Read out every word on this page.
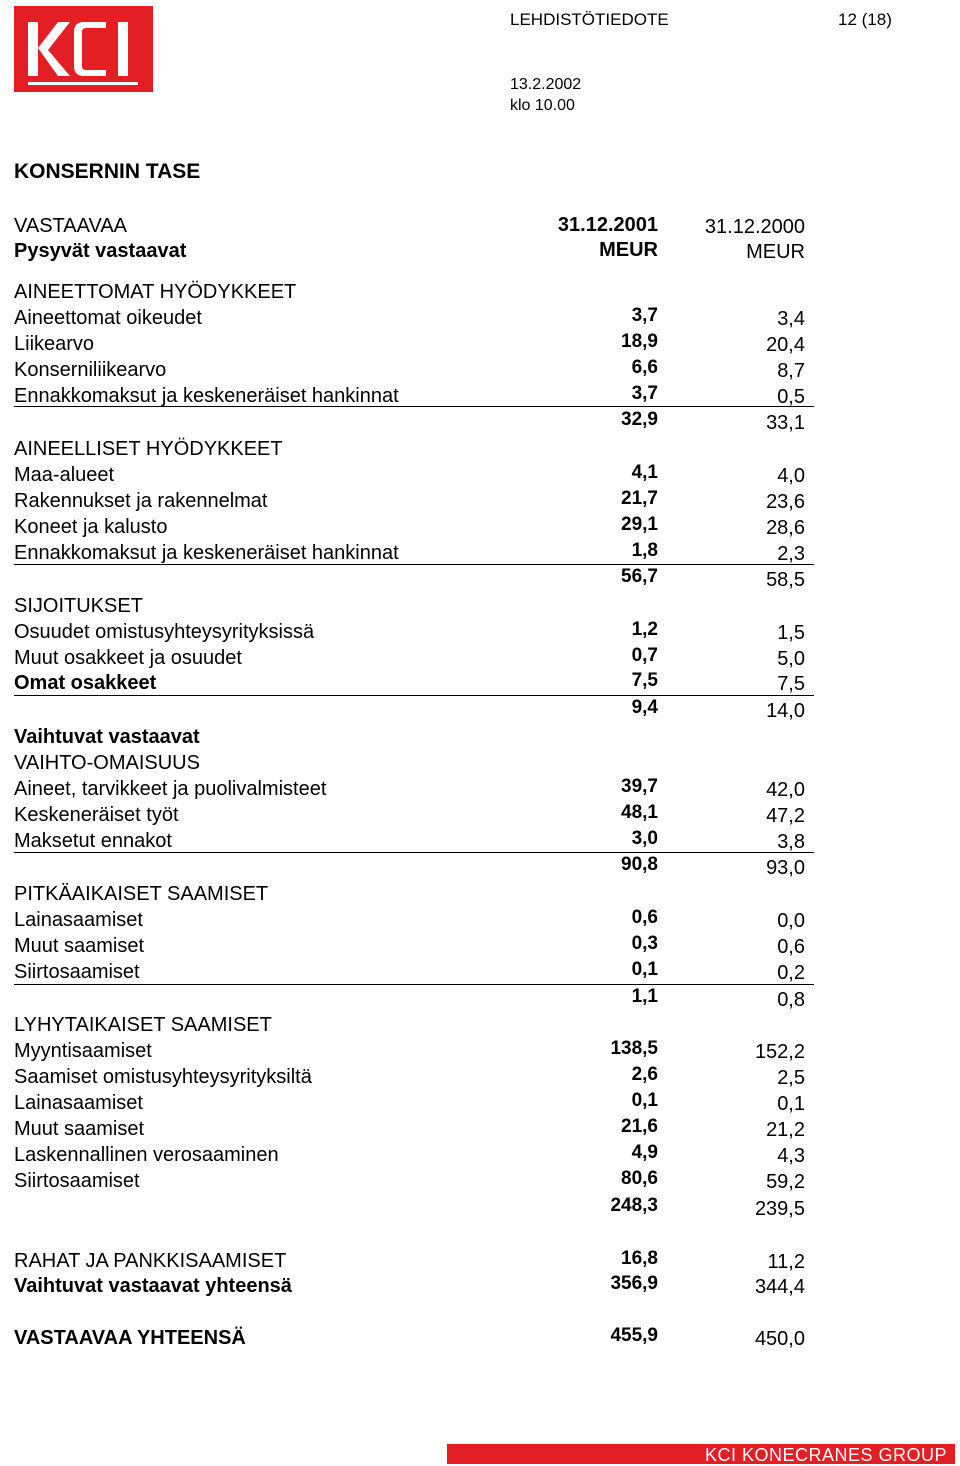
LEHDISTÖTIEDOTE	12 (18)
13.2.2002
klo 10.00
KONSERNIN TASE
VASTAAVAA
Pysyvät vastaavat
31.12.2001
MEUR
31.12.2000
MEUR
AINEETTOMAT HYÖDYKKEET
Aineettomat oikeudet	3,7	3,4
Liikearvo	18,9	20,4
Konserniliikearvo	6,6	8,7
Ennakkomaksut ja keskeneräiset hankinnat	3,7	0,5
32,9	33,1
AINEELLISET HYÖDYKKEET
Maa-alueet	4,1	4,0
Rakennukset ja rakennelmat	21,7	23,6
Koneet ja kalusto	29,1	28,6
Ennakkomaksut ja keskeneräiset hankinnat	1,8	2,3
56,7	58,5
SIJOITUKSET
Osuudet omistusyhteysyrityksissä	1,2	1,5
Muut osakkeet ja osuudet	0,7	5,0
Omat osakkeet	7,5	7,5
9,4	14,0
Vaihtuvat vastaavat
VAIHTO-OMAISUUS
Aineet, tarvikkeet ja puolivalmisteet	39,7	42,0
Keskeneräiset työt	48,1	47,2
Maksetut ennakot	3,0	3,8
90,8	93,0
PITKÄAIKAISET SAAMISET
Lainasaamiset	0,6	0,0
Muut saamiset	0,3	0,6
Siirtosaamiset	0,1	0,2
1,1	0,8
LYHYTAIKAISET SAAMISET
Myyntisaamiset	138,5	152,2
Saamiset omistusyhteysyrityksiltä	2,6	2,5
Lainasaamiset	0,1	0,1
Muut saamiset	21,6	21,2
Laskennallinen verosaaminen	4,9	4,3
Siirtosaamiset	80,6	59,2
248,3	239,5
RAHAT JA PANKKISAAMISET	16,8	11,2
Vaihtuvat vastaavat yhteensä	356,9	344,4
VASTAAVAA YHTEENSÄ	455,9	450,0
KCI KONECRANES GROUP
